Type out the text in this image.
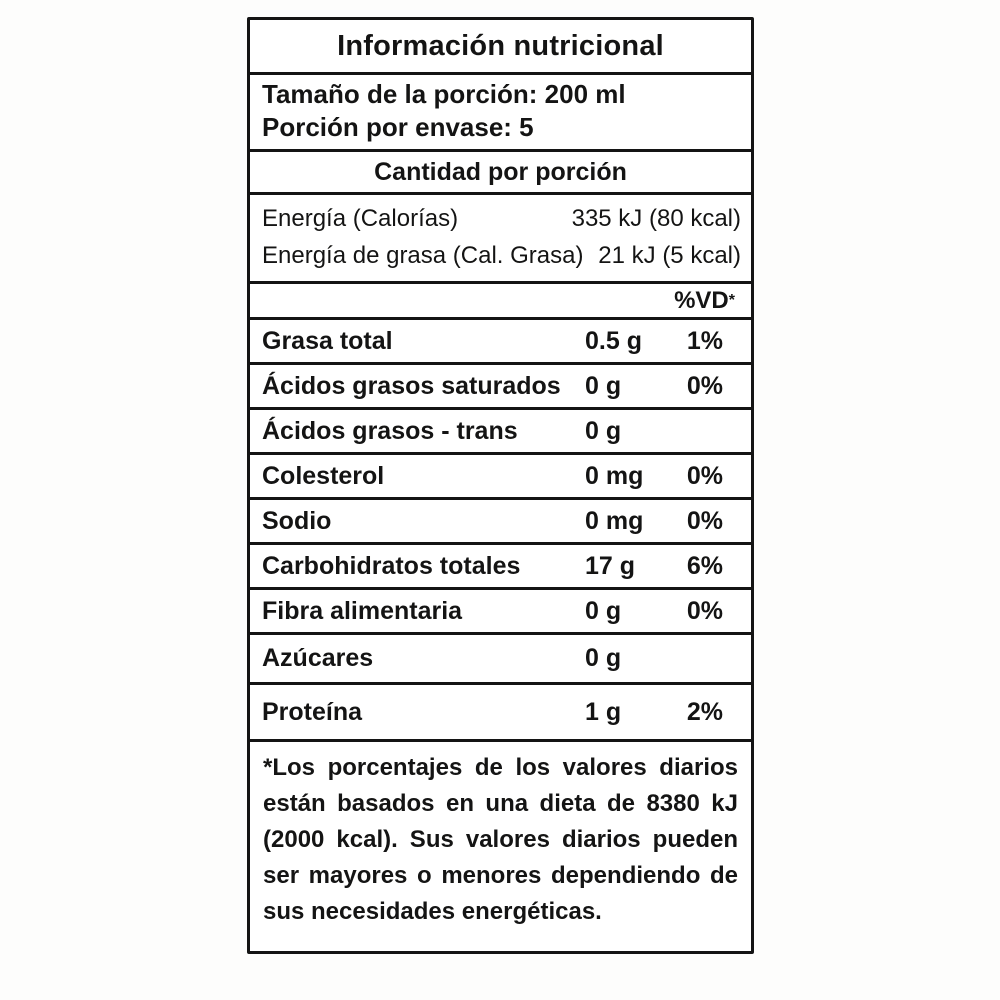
Información nutricional
Tamaño de la porción: 200 ml
Porción por envase: 5
Cantidad por porción
Energía (Calorías)	335 kJ (80 kcal)
Energía de grasa (Cal. Grasa) 21 kJ (5 kcal)
%VD *
Grasa total	0.5 g	1%
Ácidos grasos saturados 0 g	0%
Ácidos grasos - trans	0 g
Colesterol	0 mg	0%
Sodio	0 mg	0%
Carbohidratos totales	17 g	6%
Fibra alimentaria	0 g	0%
Azúcares	0 g
Proteína	1 g	2%
*Los porcentajes de los valores diarios están basados en una dieta de 8380 kJ (2000 kcal). Sus valores diarios pueden ser mayores o menores dependiendo de sus necesidades energéticas.
